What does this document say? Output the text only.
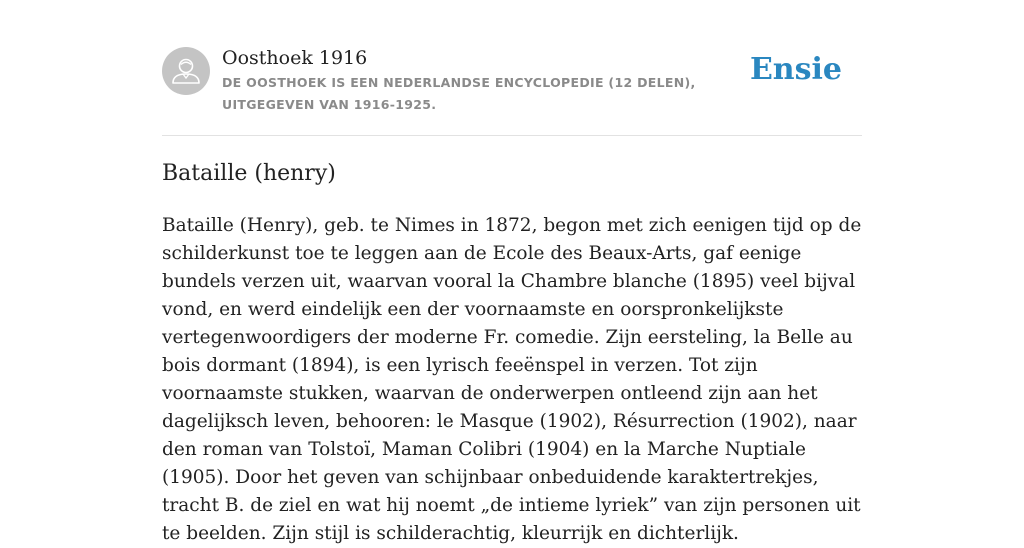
Oosthoek 1916
DE OOSTHOEK IS EEN NEDERLANDSE ENCYCLOPEDIE (12 DELEN), UITGEGEVEN VAN 1916-1925.
Ensie
Bataille (henry)

Bataille (Henry), geb. te Nimes in 1872, begon met zich eenigen tijd op de schilderkunst toe te leggen aan de Ecole des Beaux-Arts, gaf eenige bundels verzen uit, waarvan vooral la Chambre blanche (1895) veel bijval vond, en werd eindelijk een der voornaamste en oorspronkelijkste vertegenwoordigers der moderne Fr. comedie. Zijn eersteling, la Belle au bois dormant (1894), is een lyrisch feeënspel in verzen. Tot zijn voornaamste stukken, waarvan de onderwerpen ontleend zijn aan het dagelijksch leven, behooren: le Masque (1902), Résurrection (1902), naar den roman van Tolstoï, Maman Colibri (1904) en la Marche Nuptiale (1905). Door het geven van schijnbaar onbeduidende karaktertrekjes, tracht B. de ziel en wat hij noemt „de intieme lyriek” van zijn personen uit te beelden. Zijn stijl is schilderachtig, kleurrijk en dichterlijk.
